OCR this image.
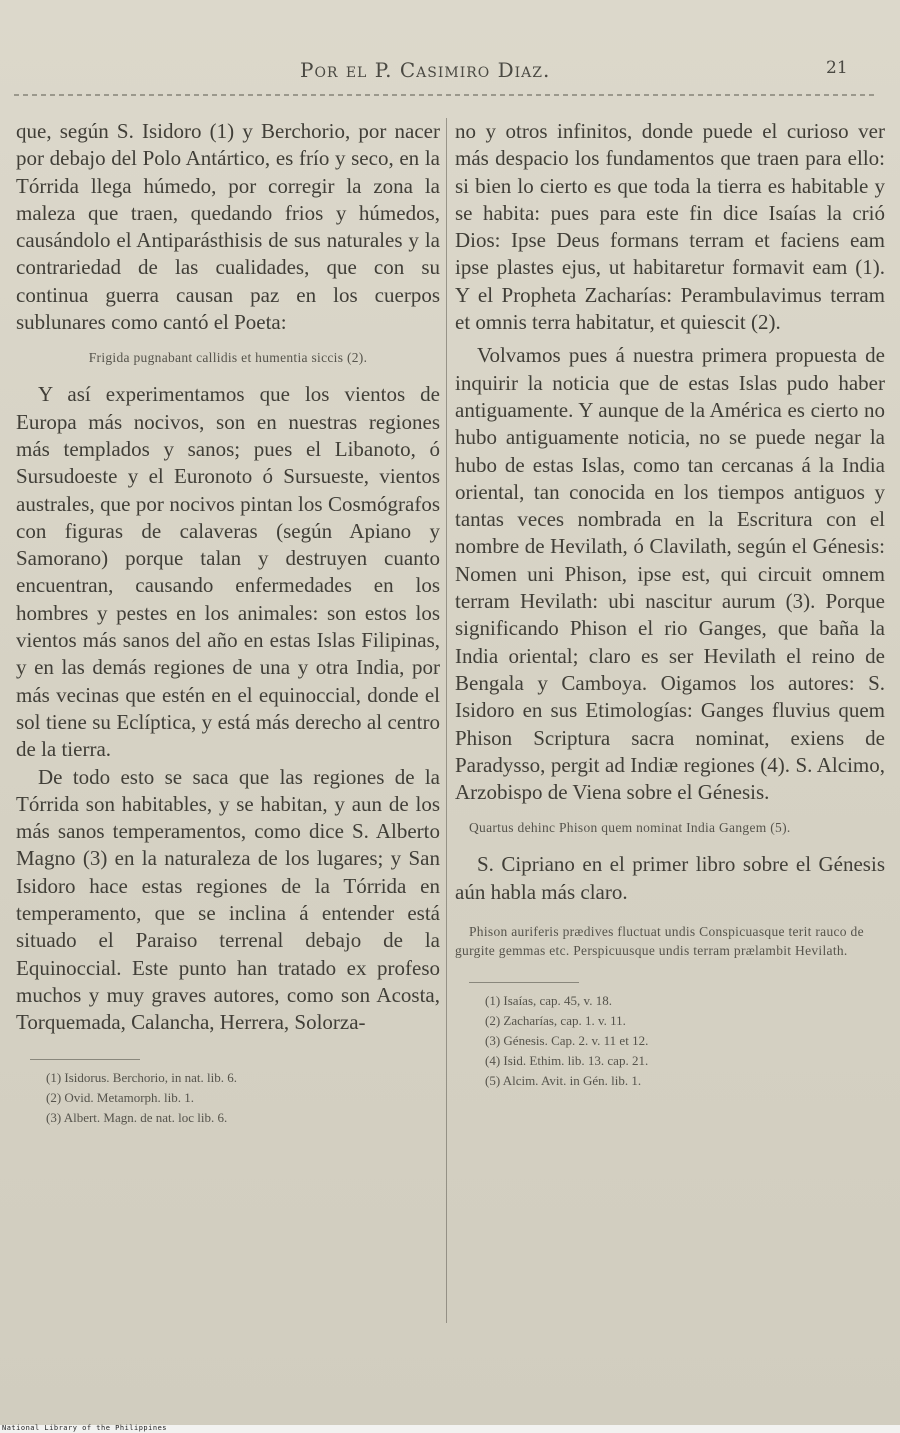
Por el P. Casimiro Diaz.	21

que, según S. Isidoro (1) y Berchorio, por nacer por debajo del Polo Antártico, es frío y seco, en la Tórrida llega húmedo, por corregir la zona la maleza que traen, quedando frios y húmedos, causándolo el Antiparásthisis de sus naturales y la contrariedad de las cualidades, que con su continua guerra causan paz en los cuerpos sublunares como cantó el Poeta:

Frigida pugnabant callidis et humentia siccis (2).

Y así experimentamos que los vientos de Europa más nocivos, son en nuestras regiones más templados y sanos; pues el Libanoto, ó Sursudoeste y el Euronoto ó Sursueste, vientos australes, que por nocivos pintan los Cosmógrafos con figuras de calaveras (según Apiano y Samorano) porque talan y destruyen cuanto encuentran, causando enfermedades en los hombres y pestes en los animales: son estos los vientos más sanos del año en estas Islas Filipinas, y en las demás regiones de una y otra India, por más vecinas que estén en el equinoccial, donde el sol tiene su Eclíptica, y está más derecho al centro de la tierra.

De todo esto se saca que las regiones de la Tórrida son habitables, y se habitan, y aun de los más sanos temperamentos, como dice S. Alberto Magno (3) en la naturaleza de los lugares; y San Isidoro hace estas regiones de la Tórrida en temperamento, que se inclina á entender está situado el Paraiso terrenal debajo de la Equinoccial. Este punto han tratado ex profeso muchos y muy graves autores, como son Acosta, Torquemada, Calancha, Herrera, Solorza-

(1) Isidorus. Berchorio, in nat. lib. 6.
(2) Ovid. Metamorph. lib. 1.
(3) Albert. Magn. de nat. loc lib. 6.

no y otros infinitos, donde puede el curioso ver más despacio los fundamentos que traen para ello: si bien lo cierto es que toda la tierra es habitable y se habita: pues para este fin dice Isaías la crió Dios: Ipse Deus formans terram et faciens eam ipse plastes ejus, ut habitaretur formavit eam (1). Y el Propheta Zacharías: Perambulavimus terram et omnis terra habitatur, et quiescit (2).

Volvamos pues á nuestra primera propuesta de inquirir la noticia que de estas Islas pudo haber antiguamente. Y aunque de la América es cierto no hubo antiguamente noticia, no se puede negar la hubo de estas Islas, como tan cercanas á la India oriental, tan conocida en los tiempos antiguos y tantas veces nombrada en la Escritura con el nombre de Hevilath, ó Clavilath, según el Génesis: Nomen uni Phison, ipse est, qui circuit omnem terram Hevilath: ubi nascitur aurum (3). Porque significando Phison el rio Ganges, que baña la India oriental; claro es ser Hevilath el reino de Bengala y Camboya. Oigamos los autores: S. Isidoro en sus Etimologías: Ganges fluvius quem Phison Scriptura sacra nominat, exiens de Paradysso, pergit ad Indiæ regiones (4). S. Alcimo, Arzobispo de Viena sobre el Génesis.

Quartus dehinc Phison quem nominat India Gangem (5).

S. Cipriano en el primer libro sobre el Génesis aún habla más claro.

Phison auriferis prædives fluctuat undis Conspicuasque terit rauco de gurgite gemmas etc. Perspicuusque undis terram prælambit Hevilath.
(1) Isaías, cap. 45, v. 18.
(2) Zacharías, cap. 1. v. 11.
(3) Génesis. Cap. 2. v. 11 et 12.
(4) Isid. Ethim. lib. 13. cap. 21.
(5) Alcim. Avit. in Gén. lib. 1.
National Library of the Philippines
